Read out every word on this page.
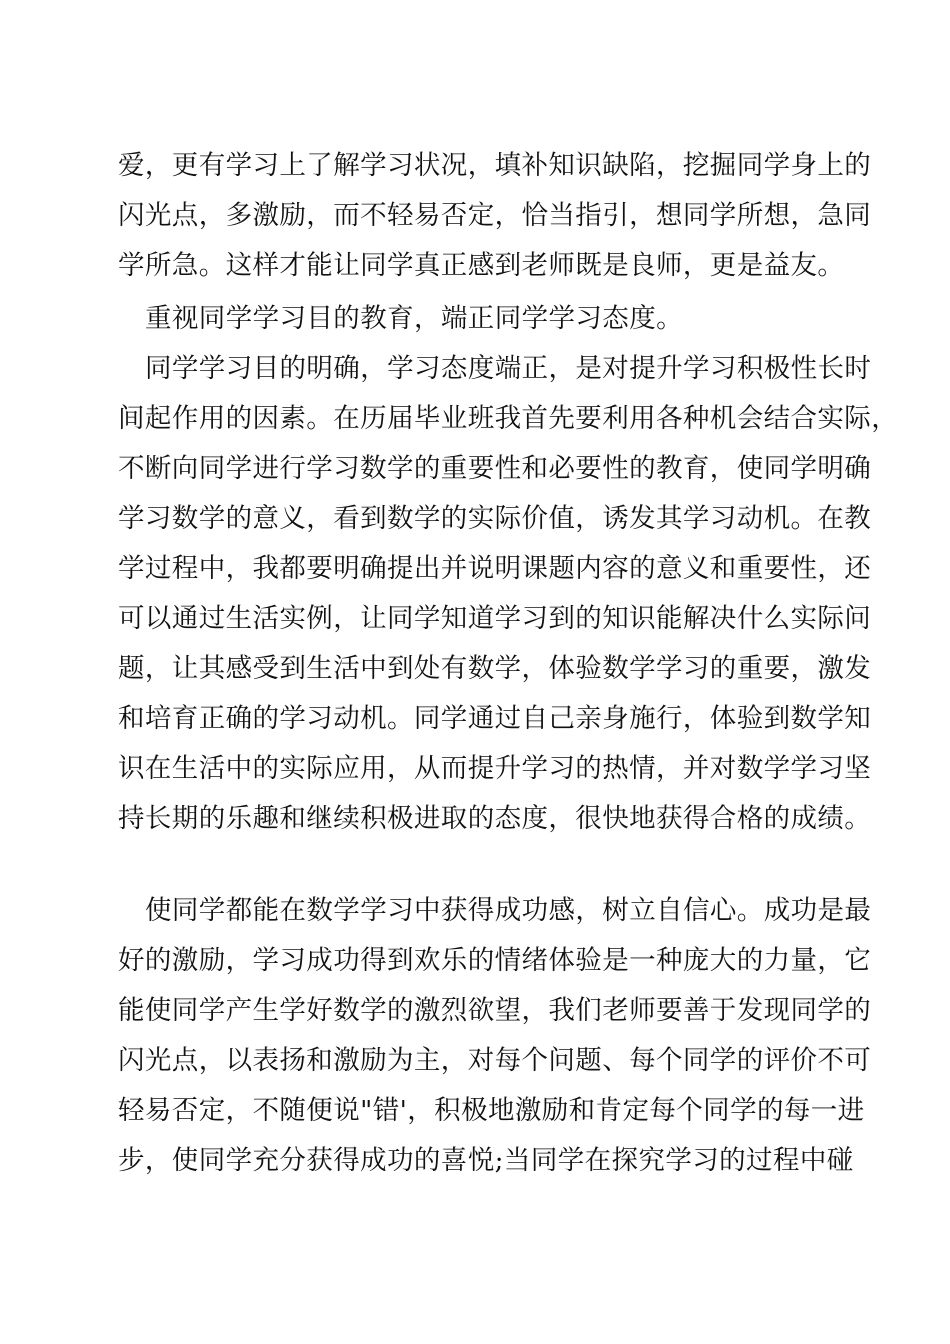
爱，更有学习上了解学习状况，填补知识缺陷，挖掘同学身上的
闪光点，多激励，而不轻易否定，恰当指引，想同学所想，急同
学所急。这样才能让同学真正感到老师既是良师，更是益友。
重视同学学习目的教育，端正同学学习态度。
同学学习目的明确，学习态度端正，是对提升学习积极性长时
间起作用的因素。在历届毕业班我首先要利用各种机会结合实际，
不断向同学进行学习数学的重要性和必要性的教育，使同学明确
学习数学的意义，看到数学的实际价值，诱发其学习动机。在教
学过程中，我都要明确提出并说明课题内容的意义和重要性，还
可以通过生活实例，让同学知道学习到的知识能解决什么实际问
题，让其感受到生活中到处有数学，体验数学学习的重要，激发
和培育正确的学习动机。同学通过自己亲身施行，体验到数学知
识在生活中的实际应用，从而提升学习的热情，并对数学学习坚
持长期的乐趣和继续积极进取的态度，很快地获得合格的成绩。
使同学都能在数学学习中获得成功感，树立自信心。成功是最
好的激励，学习成功得到欢乐的情绪体验是一种庞大的力量，它
能使同学产生学好数学的激烈欲望，我们老师要善于发现同学的
闪光点，以表扬和激励为主，对每个问题、每个同学的评价不可
轻易否定，不随便说"错'，积极地激励和肯定每个同学的每一进
步，使同学充分获得成功的喜悦;当同学在探究学习的过程中碰
